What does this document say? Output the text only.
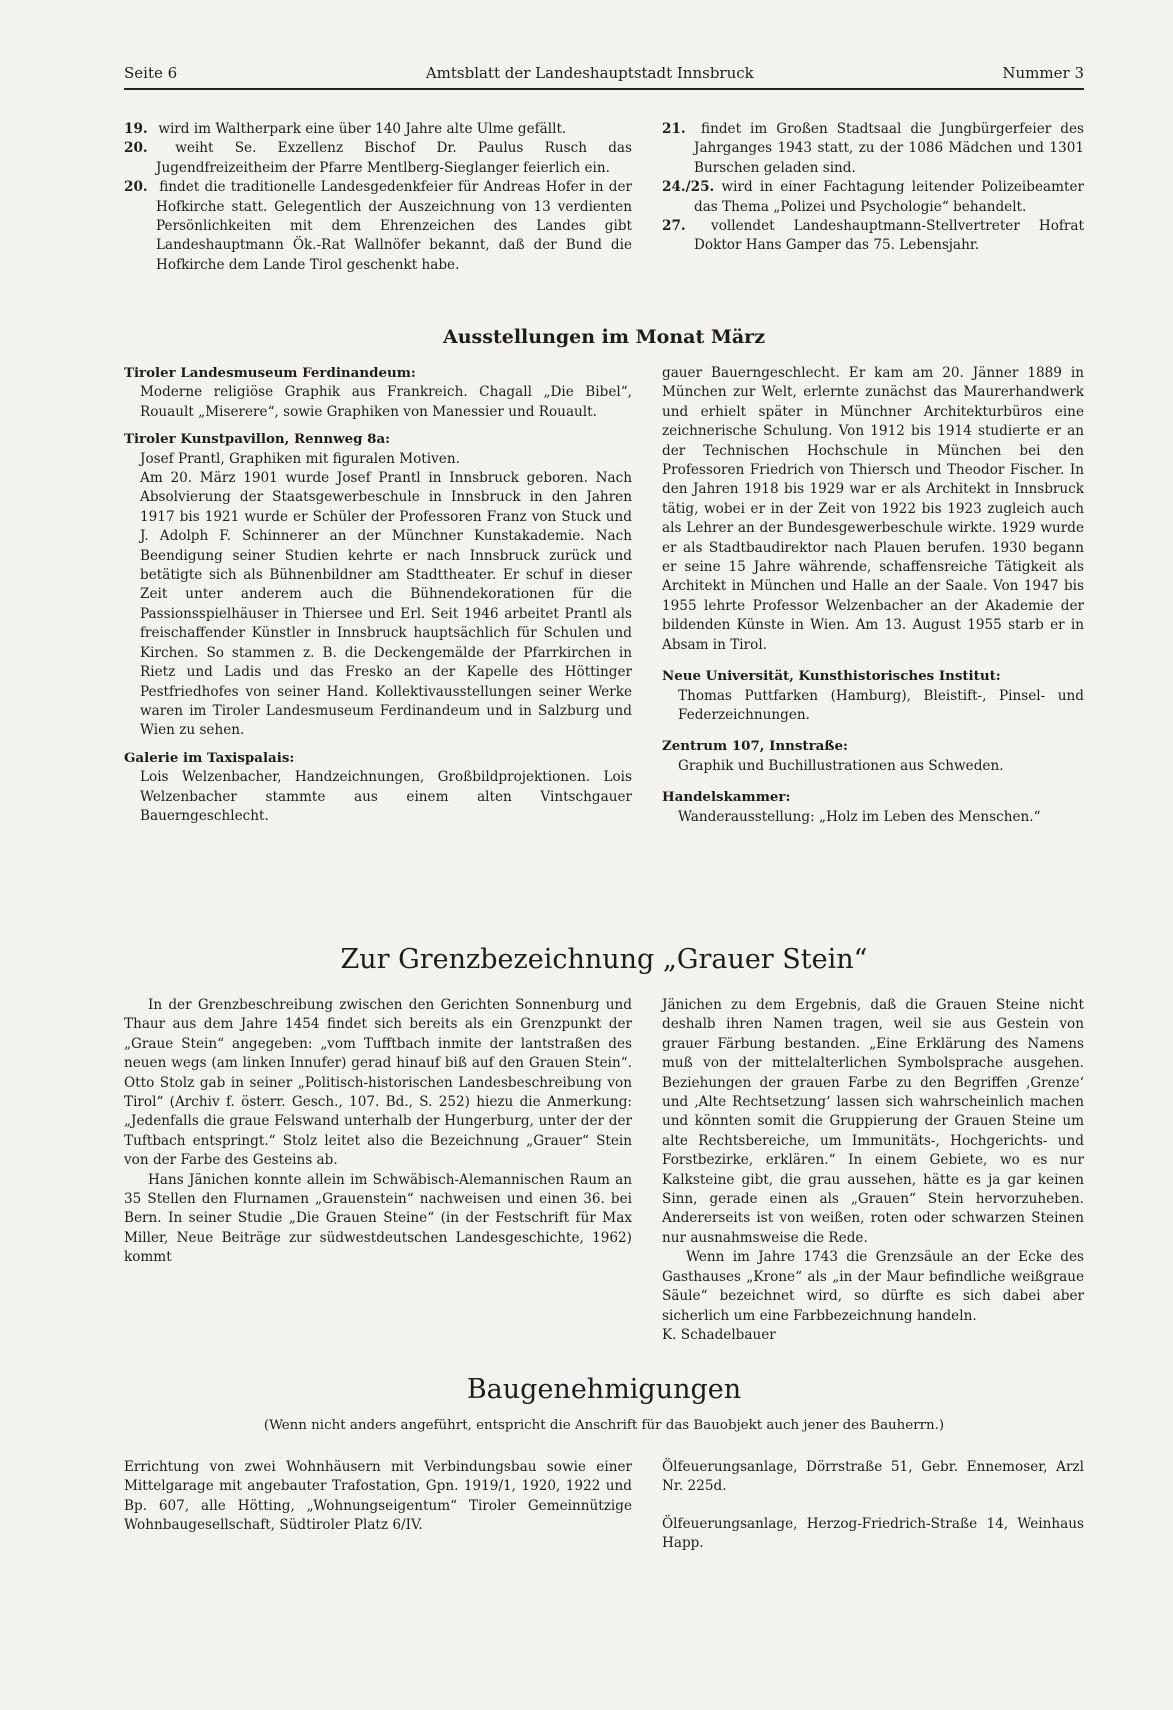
Seite 6	Amtsblatt der Landeshauptstadt Innsbruck	Nummer 3

19. wird im Waltherpark eine über 140 Jahre alte Ulme gefällt.

20. weiht Se. Exzellenz Bischof Dr. Paulus Rusch das Jugendfreizeitheim der Pfarre Mentlberg-Sieglanger feierlich ein.

20. findet die traditionelle Landesgedenkfeier für Andreas Hofer in der Hofkirche statt. Gelegentlich der Auszeichnung von 13 verdienten Persönlichkeiten mit dem Ehrenzeichen des Landes gibt Landeshauptmann Ök.-Rat Wallnöfer bekannt, daß der Bund die Hofkirche dem Lande Tirol geschenkt habe.

21. findet im Großen Stadtsaal die Jungbürgerfeier des Jahrganges 1943 statt, zu der 1086 Mädchen und 1301 Burschen geladen sind.

24./25. wird in einer Fachtagung leitender Polizeibeamter das Thema „Polizei und Psychologie“ behandelt.

27. vollendet Landeshauptmann-Stellvertreter Hofrat Doktor Hans Gamper das 75. Lebensjahr.

Ausstellungen im Monat März

Tiroler Landesmuseum Ferdinandeum:

Moderne religiöse Graphik aus Frankreich. Chagall „Die Bibel“, Rouault „Miserere“, sowie Graphiken von Manessier und Rouault.

Tiroler Kunstpavillon, Rennweg 8a:

Josef Prantl, Graphiken mit figuralen Motiven.

Am 20. März 1901 wurde Josef Prantl in Innsbruck geboren. Nach Absolvierung der Staatsgewerbeschule in Innsbruck in den Jahren 1917 bis 1921 wurde er Schüler der Professoren Franz von Stuck und J. Adolph F. Schinnerer an der Münchner Kunstakademie. Nach Beendigung seiner Studien kehrte er nach Innsbruck zurück und betätigte sich als Bühnenbildner am Stadttheater. Er schuf in dieser Zeit unter anderem auch die Bühnendekorationen für die Passionsspielhäuser in Thiersee und Erl. Seit 1946 arbeitet Prantl als freischaffender Künstler in Innsbruck hauptsächlich für Schulen und Kirchen. So stammen z. B. die Deckengemälde der Pfarrkirchen in Rietz und Ladis und das Fresko an der Kapelle des Höttinger Pestfriedhofes von seiner Hand. Kollektivausstellungen seiner Werke waren im Tiroler Landesmuseum Ferdinandeum und in Salzburg und Wien zu sehen.

Galerie im Taxispalais:

Lois Welzenbacher, Handzeichnungen, Großbildprojektionen. Lois Welzenbacher stammte aus einem alten Vintschgauer Bauerngeschlecht.

gauer Bauerngeschlecht. Er kam am 20. Jänner 1889 in München zur Welt, erlernte zunächst das Maurerhandwerk und erhielt später in Münchner Architekturbüros eine zeichnerische Schulung. Von 1912 bis 1914 studierte er an der Technischen Hochschule in München bei den Professoren Friedrich von Thiersch und Theodor Fischer. In den Jahren 1918 bis 1929 war er als Architekt in Innsbruck tätig, wobei er in der Zeit von 1922 bis 1923 zugleich auch als Lehrer an der Bundesgewerbeschule wirkte. 1929 wurde er als Stadtbaudirektor nach Plauen berufen. 1930 begann er seine 15 Jahre währende, schaffensreiche Tätigkeit als Architekt in München und Halle an der Saale. Von 1947 bis 1955 lehrte Professor Welzenbacher an der Akademie der bildenden Künste in Wien. Am 13. August 1955 starb er in Absam in Tirol.

Neue Universität, Kunsthistorisches Institut:

Thomas Puttfarken (Hamburg), Bleistift-, Pinsel- und Federzeichnungen.

Zentrum 107, Innstraße:

Graphik und Buchillustrationen aus Schweden.

Handelskammer:

Wanderausstellung: „Holz im Leben des Menschen.“

Zur Grenzbezeichnung „Grauer Stein“

In der Grenzbeschreibung zwischen den Gerichten Sonnenburg und Thaur aus dem Jahre 1454 findet sich bereits als ein Grenzpunkt der „Graue Stein“ angegeben: „vom Tufftbach inmite der lantstraßen des neuen wegs (am linken Innufer) gerad hinauf biß auf den Grauen Stein“. Otto Stolz gab in seiner „Politisch-historischen Landesbeschreibung von Tirol“ (Archiv f. österr. Gesch., 107. Bd., S. 252) hiezu die Anmerkung: „Jedenfalls die graue Felswand unterhalb der Hungerburg, unter der der Tuftbach entspringt.“ Stolz leitet also die Bezeichnung „Grauer“ Stein von der Farbe des Gesteins ab.

Hans Jänichen konnte allein im Schwäbisch-Alemannischen Raum an 35 Stellen den Flurnamen „Grauenstein“ nachweisen und einen 36. bei Bern. In seiner Studie „Die Grauen Steine“ (in der Festschrift für Max Miller, Neue Beiträge zur südwestdeutschen Landesgeschichte, 1962) kommt

Jänichen zu dem Ergebnis, daß die Grauen Steine nicht deshalb ihren Namen tragen, weil sie aus Gestein von grauer Färbung bestanden. „Eine Erklärung des Namens muß von der mittelalterlichen Symbolsprache ausgehen. Beziehungen der grauen Farbe zu den Begriffen ‚Grenze‘ und ‚Alte Rechtsetzung‘ lassen sich wahrscheinlich machen und könnten somit die Gruppierung der Grauen Steine um alte Rechtsbereiche, um Immunitäts-, Hochgerichts- und Forstbezirke, erklären.“ In einem Gebiete, wo es nur Kalksteine gibt, die grau aussehen, hätte es ja gar keinen Sinn, gerade einen als „Grauen“ Stein hervorzuheben. Andererseits ist von weißen, roten oder schwarzen Steinen nur ausnahmsweise die Rede.

Wenn im Jahre 1743 die Grenzsäule an der Ecke des Gasthauses „Krone“ als „in der Maur befindliche weißgraue Säule“ bezeichnet wird, so dürfte es sich dabei aber sicherlich um eine Farbbezeichnung handeln.

K. Schadelbauer

Baugenehmigungen
(Wenn nicht anders angeführt, entspricht die Anschrift für das Bauobjekt auch jener des Bauherrn.)

Errichtung von zwei Wohnhäusern mit Verbindungsbau sowie einer Mittelgarage mit angebauter Trafostation, Gpn. 1919/1, 1920, 1922 und Bp. 607, alle Hötting, „Wohnungseigentum“ Tiroler Gemeinnützige Wohnbaugesellschaft, Südtiroler Platz 6/IV.

Ölfeuerungsanlage, Dörrstraße 51, Gebr. Ennemoser, Arzl Nr. 225d.

Ölfeuerungsanlage, Herzog-Friedrich-Straße 14, Weinhaus Happ.
